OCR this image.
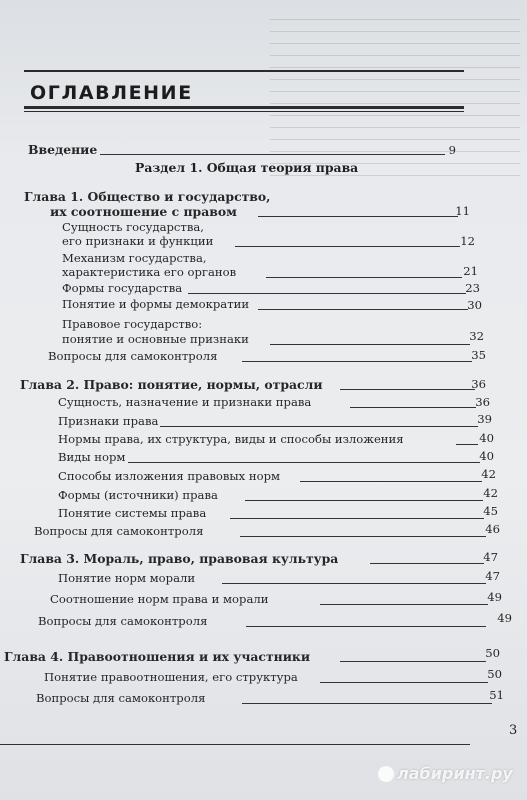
ОГЛАВЛЕНИЕ
Введение	9
Раздел 1. Общая теория права
Глава 1. Общество и государство,
их соотношение с правом	11
Сущность государства,
его признаки и функции	12
Механизм государства,
характеристика его органов	21
Формы государства	23
Понятие и формы демократии	30
Правовое государство:
понятие и основные признаки	32
Вопросы для самоконтроля	35
Глава 2. Право: понятие, нормы, отрасли	36
Сущность, назначение и признаки права	36
Признаки права	39
Нормы права, их структура, виды и способы изложения	40
Виды норм	40
Способы изложения правовых норм	42
Формы (источники) права	42
Понятие системы права	45
Вопросы для самоконтроля	46
Глава 3. Мораль, право, правовая культура	47
Понятие норм морали	47
Соотношение норм права и морали	49
Вопросы для самоконтроля	49
Глава 4. Правоотношения и их участники	50
Понятие правоотношения, его структура	50
Вопросы для самоконтроля	51
3
лабиринт.ру
